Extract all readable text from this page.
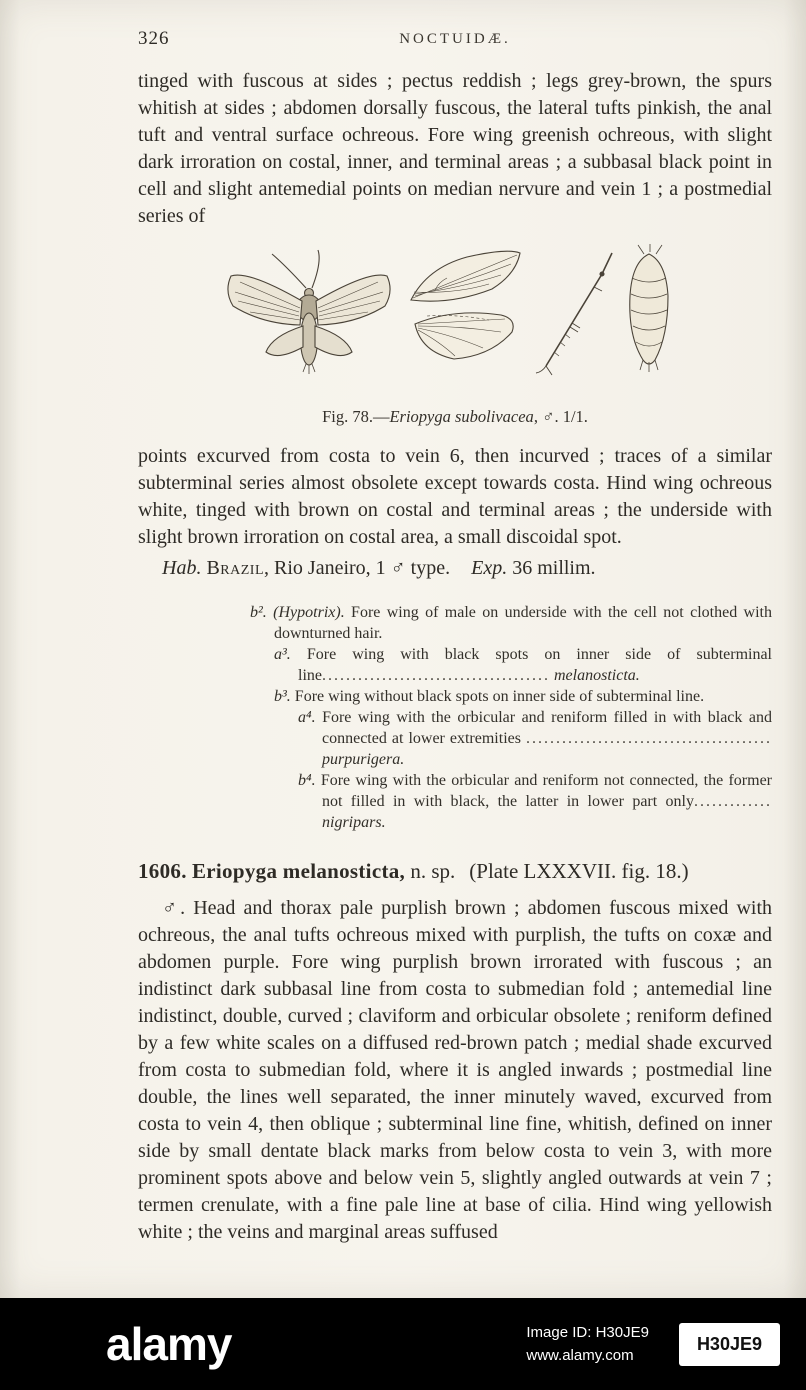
326	NOCTUIDÆ.

tinged with fuscous at sides ; pectus reddish ; legs grey-brown, the spurs whitish at sides ; abdomen dorsally fuscous, the lateral tufts pinkish, the anal tuft and ventral surface ochreous. Fore wing greenish ochreous, with slight dark irroration on costal, inner, and terminal areas ; a subbasal black point in cell and slight antemedial points on median nervure and vein 1 ; a postmedial series of

Fig. 78.—Eriopyga subolivacea, ♂. 1/1.

points excurved from costa to vein 6, then incurved ; traces of a similar subterminal series almost obsolete except towards costa. Hind wing ochreous white, tinged with brown on costal and terminal areas ; the underside with slight brown irroration on costal area, a small discoidal spot.

Hab. Brazil, Rio Janeiro, 1 ♂ type. Exp. 36 millim.

b². (Hypotrix). Fore wing of male on underside with the cell not clothed with downturned hair.
a³. Fore wing with black spots on inner side of subterminal line...................................... melanosticta.
b³. Fore wing without black spots on inner side of subterminal line.
a⁴. Fore wing with the orbicular and reniform filled in with black and connected at lower extremities ......................................... purpurigera.
b⁴. Fore wing with the orbicular and reniform not connected, the former not filled in with black, the latter in lower part only............. nigripars.
1606. Eriopyga melanosticta, n. sp. (Plate LXXXVII. fig. 18.)

♂. Head and thorax pale purplish brown ; abdomen fuscous mixed with ochreous, the anal tufts ochreous mixed with purplish, the tufts on coxæ and abdomen purple. Fore wing purplish brown irrorated with fuscous ; an indistinct dark subbasal line from costa to submedian fold ; antemedial line indistinct, double, curved ; claviform and orbicular obsolete ; reniform defined by a few white scales on a diffused red-brown patch ; medial shade excurved from costa to submedian fold, where it is angled inwards ; postmedial line double, the lines well separated, the inner minutely waved, excurved from costa to vein 4, then oblique ; subterminal line fine, whitish, defined on inner side by small dentate black marks from below costa to vein 3, with more prominent spots above and below vein 5, slightly angled outwards at vein 7 ; termen crenulate, with a fine pale line at base of cilia. Hind wing yellowish white ; the veins and marginal areas suffused

alamy	Image ID: H30JE9
www.alamy.com
H30JE9
